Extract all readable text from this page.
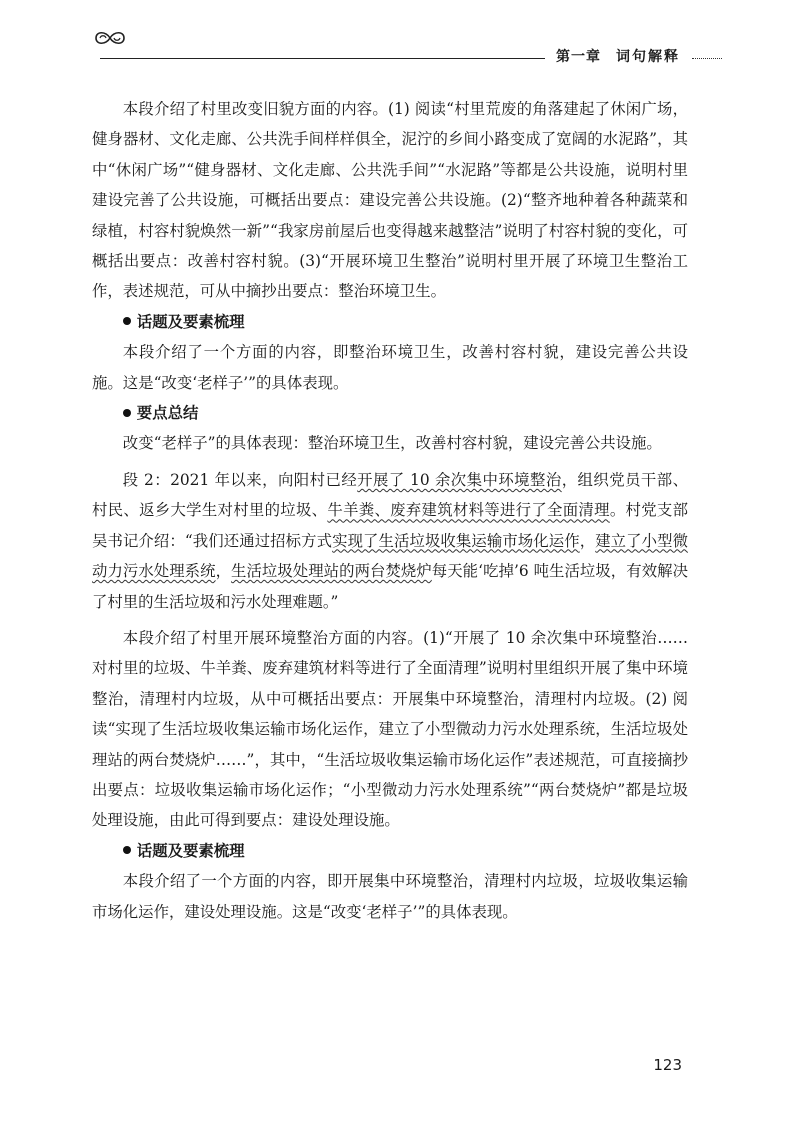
第一章 词句解释

本段介绍了村里改变旧貌方面的内容。(1) 阅读“村里荒废的角落建起了休闲广场，健身器材、文化走廊、公共洗手间样样俱全，泥泞的乡间小路变成了宽阔的水泥路”，其中“休闲广场”“健身器材、文化走廊、公共洗手间”“水泥路”等都是公共设施，说明村里建设完善了公共设施，可概括出要点：建设完善公共设施。(2)“整齐地种着各种蔬菜和绿植，村容村貌焕然一新”“我家房前屋后也变得越来越整洁”说明了村容村貌的变化，可概括出要点：改善村容村貌。(3)“开展环境卫生整治”说明村里开展了环境卫生整治工作，表述规范，可从中摘抄出要点：整治环境卫生。

话题及要素梳理

本段介绍了一个方面的内容，即整治环境卫生，改善村容村貌，建设完善公共设施。这是“改变‘老样子’”的具体表现。

要点总结

改变“老样子”的具体表现：整治环境卫生，改善村容村貌，建设完善公共设施。

段 2：2021 年以来，向阳村已经开展了 10 余次集中环境整治，组织党员干部、村民、返乡大学生对村里的垃圾、牛羊粪、废弃建筑材料等进行了全面清理。村党支部吴书记介绍：“我们还通过招标方式实现了生活垃圾收集运输市场化运作，建立了小型微动力污水处理系统，生活垃圾处理站的两台焚烧炉每天能‘吃掉’6 吨生活垃圾，有效解决了村里的生活垃圾和污水处理难题。”

本段介绍了村里开展环境整治方面的内容。(1)“开展了 10 余次集中环境整治……对村里的垃圾、牛羊粪、废弃建筑材料等进行了全面清理”说明村里组织开展了集中环境整治，清理村内垃圾，从中可概括出要点：开展集中环境整治，清理村内垃圾。(2) 阅读“实现了生活垃圾收集运输市场化运作，建立了小型微动力污水处理系统，生活垃圾处理站的两台焚烧炉……”，其中，“生活垃圾收集运输市场化运作”表述规范，可直接摘抄出要点：垃圾收集运输市场化运作；“小型微动力污水处理系统”“两台焚烧炉”都是垃圾处理设施，由此可得到要点：建设处理设施。

话题及要素梳理

本段介绍了一个方面的内容，即开展集中环境整治，清理村内垃圾，垃圾收集运输市场化运作，建设处理设施。这是“改变‘老样子’”的具体表现。

123
